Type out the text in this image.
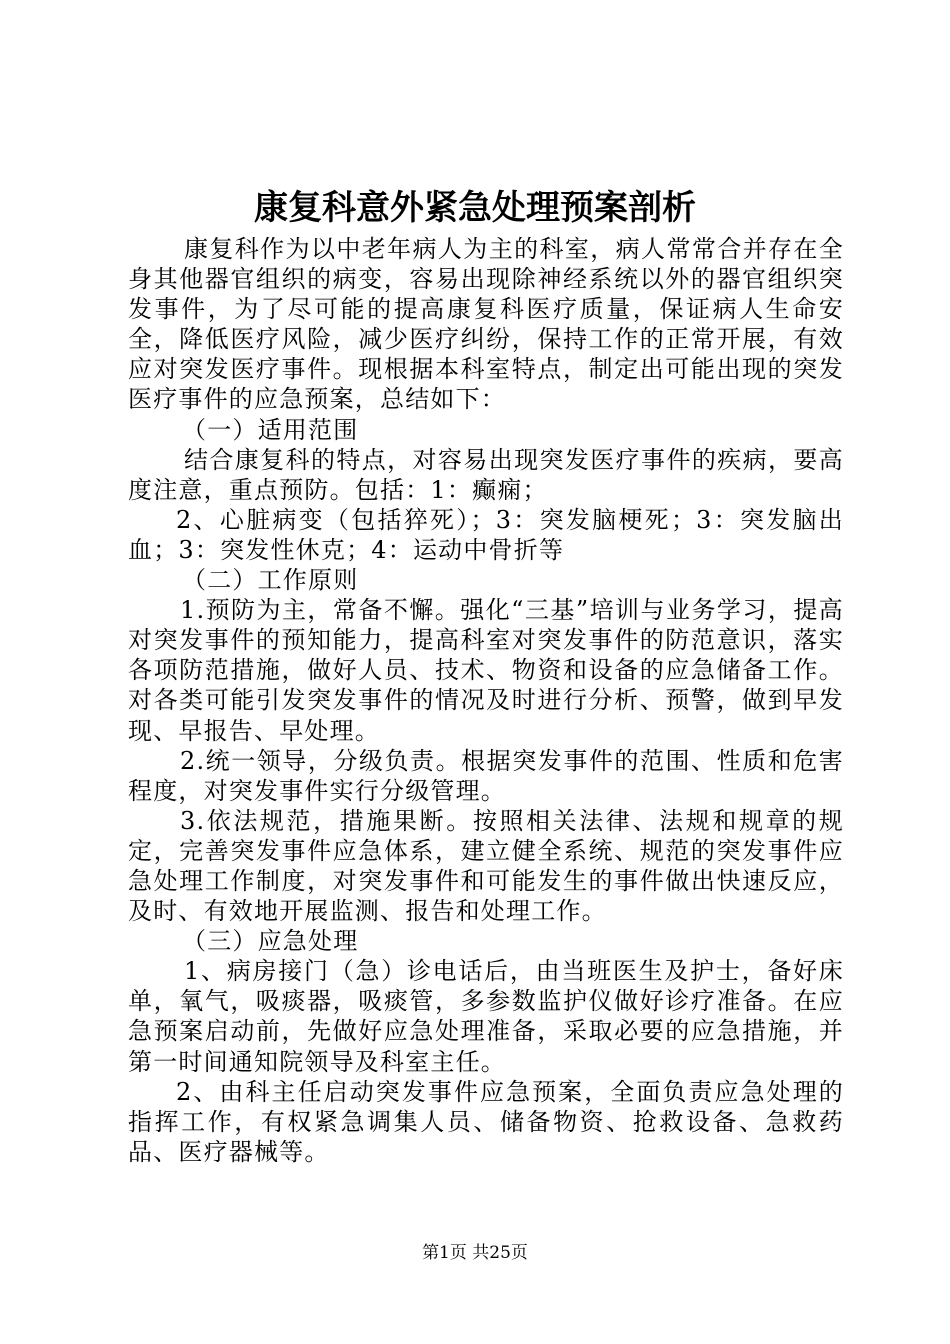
康复科意外紧急处理预案剖析

康复科作为以中老年病人为主的科室，病人常常合并存在全身其他器官组织的病变，容易出现除神经系统以外的器官组织突发事件，为了尽可能的提高康复科医疗质量，保证病人生命安全，降低医疗风险，减少医疗纠纷，保持工作的正常开展，有效应对突发医疗事件。现根据本科室特点，制定出可能出现的突发医疗事件的应急预案，总结如下：

（一）适用范围

结合康复科的特点，对容易出现突发医疗事件的疾病，要高度注意，重点预防。包括：1：癫痫；

2、心脏病变（包括猝死）；3：突发脑梗死；3：突发脑出血；3：突发性休克；4：运动中骨折等

（二）工作原则

1.预防为主，常备不懈。强化“三基”培训与业务学习，提高对突发事件的预知能力，提高科室对突发事件的防范意识，落实各项防范措施，做好人员、技术、物资和设备的应急储备工作。对各类可能引发突发事件的情况及时进行分析、预警，做到早发现、早报告、早处理。

2.统一领导，分级负责。根据突发事件的范围、性质和危害程度，对突发事件实行分级管理。

3.依法规范，措施果断。按照相关法律、法规和规章的规定，完善突发事件应急体系，建立健全系统、规范的突发事件应急处理工作制度，对突发事件和可能发生的事件做出快速反应，及时、有效地开展监测、报告和处理工作。

（三）应急处理

1、病房接门（急）诊电话后，由当班医生及护士，备好床单，氧气，吸痰器，吸痰管，多参数监护仪做好诊疗准备。在应急预案启动前，先做好应急处理准备，采取必要的应急措施，并第一时间通知院领导及科室主任。

2、由科主任启动突发事件应急预案，全面负责应急处理的指挥工作，有权紧急调集人员、储备物资、抢救设备、急救药品、医疗器械等。

第1页 共25页
